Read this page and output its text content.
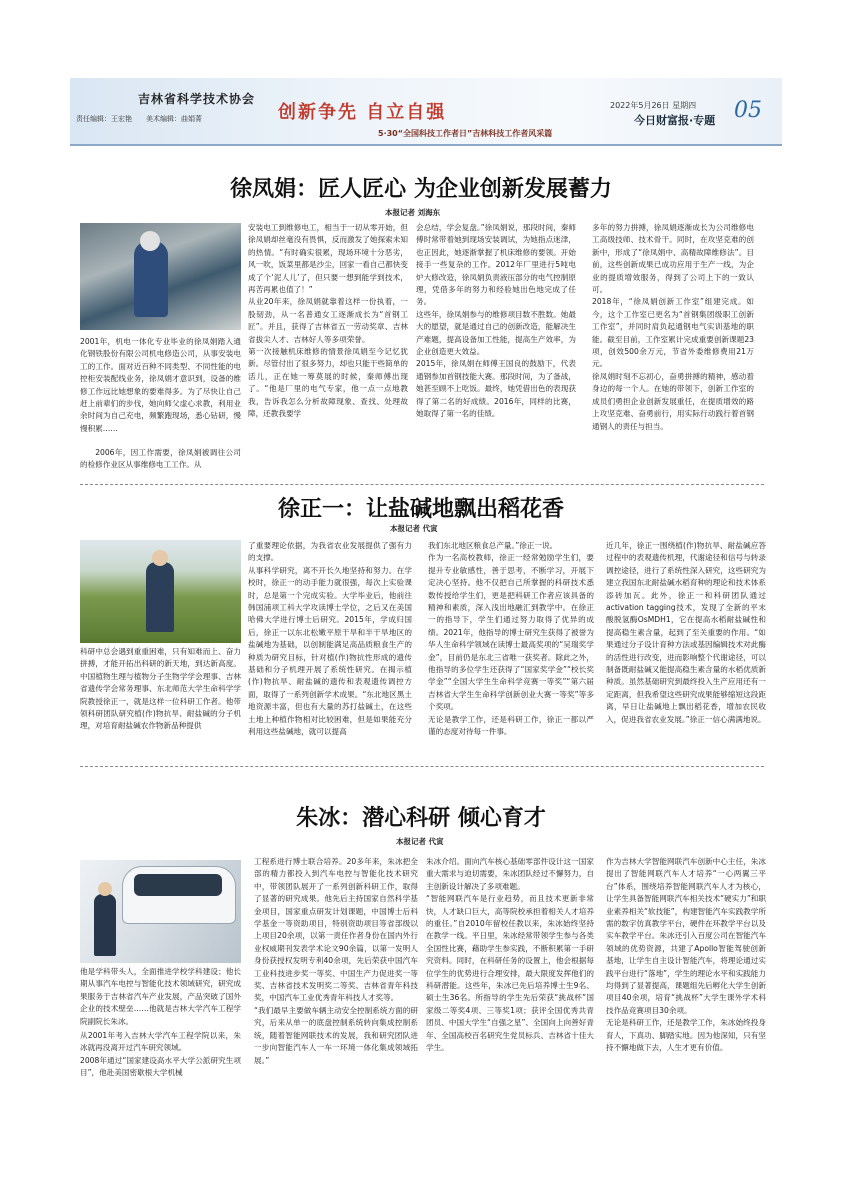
吉林省科学技术协会
责任编辑：王宏艳　　美术编辑：曲娟菁	创新争先 自立自强
5·30“全国科技工作者日”吉林科技工作者风采篇
2022年5月26日 星期四
今日财富报·专题 05
徐凤娟：匠人匠心 为企业创新发展蓄力
本报记者 刘海东
2001年，机电一体化专业毕业的徐凤娟踏入通化钢铁股份有限公司机电修造公司，从事安装电工的工作。面对近百种不同类型、不同性能的电控柜安装配线业务，徐凤娟才意识到，设备的维修工作远比她想象的要难得多。为了尽快让自己赶上前辈们的步伐，她向师父虚心求教，利用业余时间为自己充电，频繁跑现场，悉心钻研，慢慢积累……
2006年，因工作需要，徐凤娟被调往公司的检修作业区从事维修电工工作。从
安装电工到维修电工，相当于一切从零开始，但徐凤娟却丝毫没有畏惧，反而激发了她探索未知的热情。“有时确实很累，现场环境十分恶劣，风一吹，饭菜里都是沙尘，回家一看自己都快变成了个‘泥人儿’了，但只要一想到能学到技术，再苦再累也值了！”
从业20年来，徐凤娟就靠着这样一份执着，一股韧劲，从一名普通女工逐渐成长为“首钢工匠”。并且，获得了吉林省五一劳动奖章、吉林省拔尖人才、吉林好人等多项荣誉。
第一次接触机床维修的情景徐凤娟至今记忆犹新。尽管付出了很多努力，却也只能干些简单的活儿，正在她一筹莫展的时候，秦师傅出现了。“他是厂里的电气专家，他一点一点地教我，告诉我怎么分析故障现象、查找、处理故障，还教我要学
会总结，学会复盘。”徐凤娟说，那段时间，秦师傅时常带着她到现场安装调试，为她指点迷津，也正因此，她逐渐掌握了机床维修的要领。开始接手一些复杂的工作。2012年厂里进行5吨电炉大修改造，徐凤娟负责液压部分的电气控制原理，凭借多年的努力和经验她出色地完成了任务。
这些年，徐凤娟参与的维修项目数不胜数。她最大的愿望，就是通过自己的创新改造，能解决生产难题，提高设备加工性能，提高生产效率，为企业创造更大效益。
2015年，徐凤娟在师傅王国良的鼓励下，代表通钢参加首钢技能大赛。那段时间，为了备战，她甚至顾不上吃饭。最终，她凭借出色的表现获得了第二名的好成绩。2016年，同样的比赛，她取得了第一名的佳绩。
多年的努力拼搏，徐凤娟逐渐成长为公司维修电工高级技师、技术骨干。同时，在攻坚克难的创新中，形成了“徐凤娟中、高精故障维修法”。目前，这些创新成果已成功应用于生产一线，为企业的提质增效服务，得到了公司上下的一致认可。
2018年，“徐凤娟创新工作室”组建完成。如今，这个工作室已更名为“首钢集团级职工创新工作室”，并同时肩负起通钢电气实训基地的职能。截至目前，工作室累计完成重要创新课题23项，创效500余万元，节省外委维修费用21万元。
徐凤娟时刻不忘初心，奋勇拼搏的精神，感动着身边的每一个人。在她的带领下，创新工作室的成员们勇担企业创新发展重任，在提质增效的路上攻坚克难、奋勇前行，用实际行动践行着首钢通钢人的责任与担当。
徐正一：让盐碱地飘出稻花香
本报记者 代寅
科研中总会遇到重重困难，只有知难而上、奋力拼搏，才能开拓出科研的新天地，到达新高度。中国植物生理与植物分子生物学学会理事、吉林省遗传学会常务理事、东北师范大学生命科学学院教授徐正一，就是这样一位科研工作者。他带领科研团队研究植(作)物抗旱、耐盐碱的分子机理，对培育耐盐碱农作物新品种提供
了重要理论依据，为我省农业发展提供了强有力的支撑。
从事科学研究，离不开长久地坚持和努力。在学校时，徐正一的动手能力就很强，每次上实验课时，总是第一个完成实验。大学毕业后，他前往韩国浦项工科大学攻读博士学位，之后又在美国哈佛大学进行博士后研究。2015年，学成归国后，徐正一以东北松嫩平原干旱和半干旱地区的盐碱地为基础，以创制能满足高品质粮食生产的种质为研究目标，针对植(作)物抗性形成的遗传基础和分子机理开展了系统性研究。在揭示植(作)物抗旱、耐盐碱的遗传和表观遗传调控方面，取得了一系列创新学术成果。“东北地区黑土地资源丰富，但也有大量的苏打盐碱土，在这些土地上种植作物相对比较困难，但是如果能充分利用这些盐碱地，就可以提高
我们东北地区粮食总产量。”徐正一说。
作为一名高校教师，徐正一经常勉励学生们，要提升专业敏感性，善于思考，不断学习，开展下定决心坚持。他不仅把自己所掌握的科研技术悉数传授给学生们，更是把科研工作者应该具备的精神和素质，深入浅出地融汇到教学中。在徐正一的指导下，学生们通过努力取得了优异的成绩。2021年，他指导的博士研究生获得了被誉为华人生命科学领域在读博士最高奖项的“吴瑞奖学金”，目前仍是东北三省唯一获奖者。除此之外，他指导的多位学生还获得了“国家奖学金”“校长奖学金”“全国大学生生命科学竞赛一等奖”“第六届吉林省大学生生命科学创新创业大赛一等奖”等多个奖项。
无论是教学工作，还是科研工作，徐正一都以严谨的态度对待每一件事。
近几年，徐正一围绕植(作)物抗旱、耐盐碱应答过程中的表观遗传机理，代谢途径和信号与转录调控途径，进行了系统性深入研究，这些研究为建立我国东北耐盐碱水稻育种的理论和技术体系添砖加瓦。此外，徐正一和科研团队通过activation tagging技术，发现了全新的平末酸脱氢酶OsMDH1，它在提高水稻耐盐碱性和提高稳生素含量，起到了至关重要的作用。“如果通过分子设计育种方法或基因编辑技术对此酶的活性进行改变，进而影响整个代谢途径，可以制备既耐盐碱又能提高稳生素含量的水稻优质新种质。虽然基础研究到最终投入生产应用还有一定距离，但我希望这些研究成果能够缩短这段距离，早日让盐碱地上飘出稻花香，增加农民收入，促进我省农业发展。”徐正一信心满满地说。
朱冰：潜心科研 倾心育才
本报记者 代寅
他是学科带头人，全面推进学校学科建设；他长期从事汽车电控与智能化技术领域研究，研究成果服务于吉林省汽车产业发展，产品突破了国外企业的技术壁垒……他就是吉林大学汽车工程学院副院长朱冰。
从2001年考入吉林大学汽车工程学院以来，朱冰就再没离开过汽车研究领域。
2008年通过“国家建设高水平大学公派研究生项目”，他赴美国密歇根大学机械
工程系进行博士联合培养。20多年来，朱冰把全部的精力都投入到汽车电控与智能化技术研究中，带领团队展开了一系列创新科研工作，取得了显著的研究成果。他先后主持国家自然科学基金项目，国家重点研发计划课题，中国博士后科学基金一等资助项目，特别资助项目等省部级以上项目20余项，以第一责任作者身份在国内外行业权威期刊发表学术论文90余篇，以第一发明人身份获授权发明专利40余项，先后荣获中国汽车工业科技进步奖一等奖、中国生产力促进奖一等奖、吉林省技术发明奖二等奖、吉林省青年科技奖，中国汽车工业优秀青年科技人才奖等。
“我们最早主要做车辆主动安全控制系统方面的研究，后来从单一的底盘控制系统转向集成控制系统，随着智能网联技术的发展，我和研究团队进一步向智能汽车人一车一环境一体化集成领域拓展。”
朱冰介绍。面向汽车核心基础零部件设计这一国家重大需求与迫切需要，朱冰团队经过不懈努力，自主创新设计解决了多项难题。
“智能网联汽车是行业趋势，而且技术更新非常快，人才缺口巨大，高等院校承担着相关人才培养的重任。”自2010年留校任教以来，朱冰始终坚持在教学一线。平日里，朱冰经常带领学生参与各类全国性比赛，藉助学生参实践，不断积累第一手研究资料。同时，在科研任务的设置上，他会根据每位学生的优势进行合理安排，最大限度发挥他们的科研潜能。这些年，朱冰已先后培养博士生9名、硕士生36名。所指导的学生先后荣获“挑战杯”国家级二等奖4项、三等奖1项；获评全国优秀共青团员、中国大学生“自强之星”、全国向上向善好青年、全国高校百名研究生党员标兵、吉林省十佳大学生。
作为吉林大学智能网联汽车创新中心主任，朱冰提出了智能网联汽车人才培养“一心两翼三平台”体系，围绕培养智能网联汽车人才为核心，让学生具备智能网联汽车相关技术“硬实力”和职业素养相关“软技能”，构建智能汽车实践教学所需的数字仿真教学平台，硬件在环教学平台以及实车教学平台。朱冰还引入百度公司在智能汽车领域的优势资源，共建了Apollo智能驾驶创新基地，让学生自主设计智能汽车，将理论通过实践平台进行“落地”，学生的理论水平和实践能力均得到了显著提高，课题组先后孵化大学生创新项目40余项，培育“挑战杯”大学生课外学术科技作品竞赛项目30余项。
无论是科研工作，还是教学工作，朱冰始终投身育人，下真功、脚踏实地。因为他深知，只有坚持不懈地做下去，人生才更有价值。
